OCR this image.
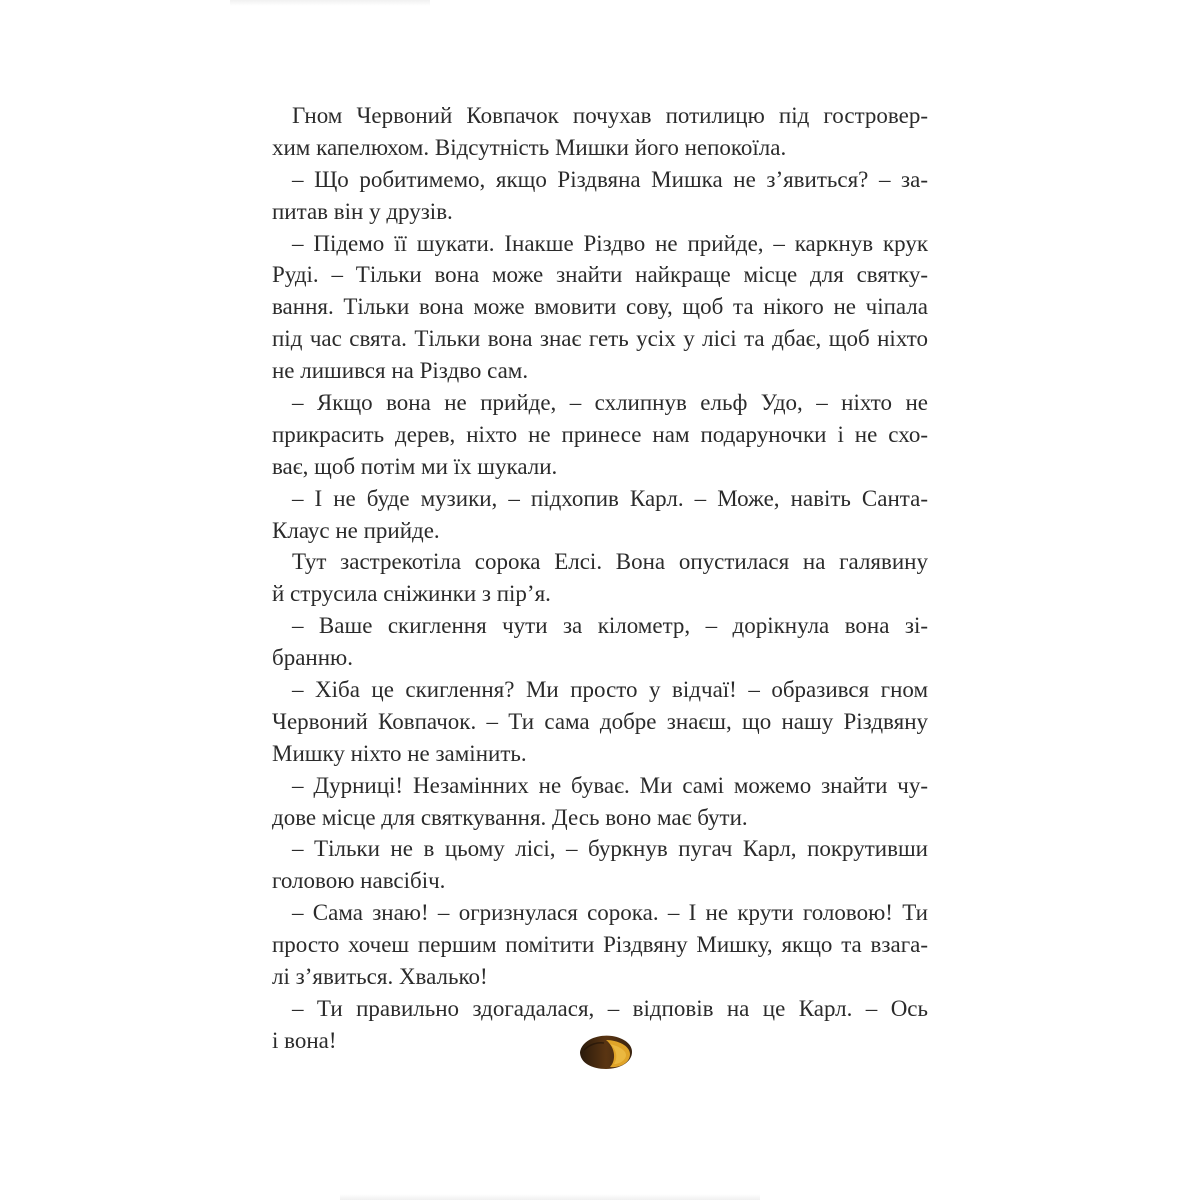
Гном Червоний Ковпачок почухав потилицю під гостровер-
хим капелюхом. Відсутність Мишки його непокоїла.
– Що робитимемо, якщо Різдвяна Мишка не з’явиться? – за-
питав він у друзів.
– Підемо її шукати. Інакше Різдво не прийде, – каркнув крук
Руді. – Тільки вона може знайти найкраще місце для святку-
вання. Тільки вона може вмовити сову, щоб та нікого не чіпала
під час свята. Тільки вона знає геть усіх у лісі та дбає, щоб ніхто
не лишився на Різдво сам.
– Якщо вона не прийде, – схлипнув ельф Удо, – ніхто не
прикрасить дерев, ніхто не принесе нам подаруночки і не схо-
ває, щоб потім ми їх шукали.
– І не буде музики, – підхопив Карл. – Може, навіть Санта-
Клаус не прийде.
Тут застрекотіла сорока Елсі. Вона опустилася на галявину
й струсила сніжинки з пір’я.
– Ваше скиглення чути за кілометр, – дорікнула вона зі-
бранню.
– Хіба це скиглення? Ми просто у відчаї! – образився гном
Червоний Ковпачок. – Ти сама добре знаєш, що нашу Різдвяну
Мишку ніхто не замінить.
– Дурниці! Незамінних не буває. Ми самі можемо знайти чу-
дове місце для святкування. Десь воно має бути.
– Тільки не в цьому лісі, – буркнув пугач Карл, покрутивши
головою навсібіч.
– Сама знаю! – огризнулася сорока. – І не крути головою! Ти
просто хочеш першим помітити Різдвяну Мишку, якщо та взага-
лі з’явиться. Хвалько!
– Ти правильно здогадалася, – відповів на це Карл. – Ось
і вона!
